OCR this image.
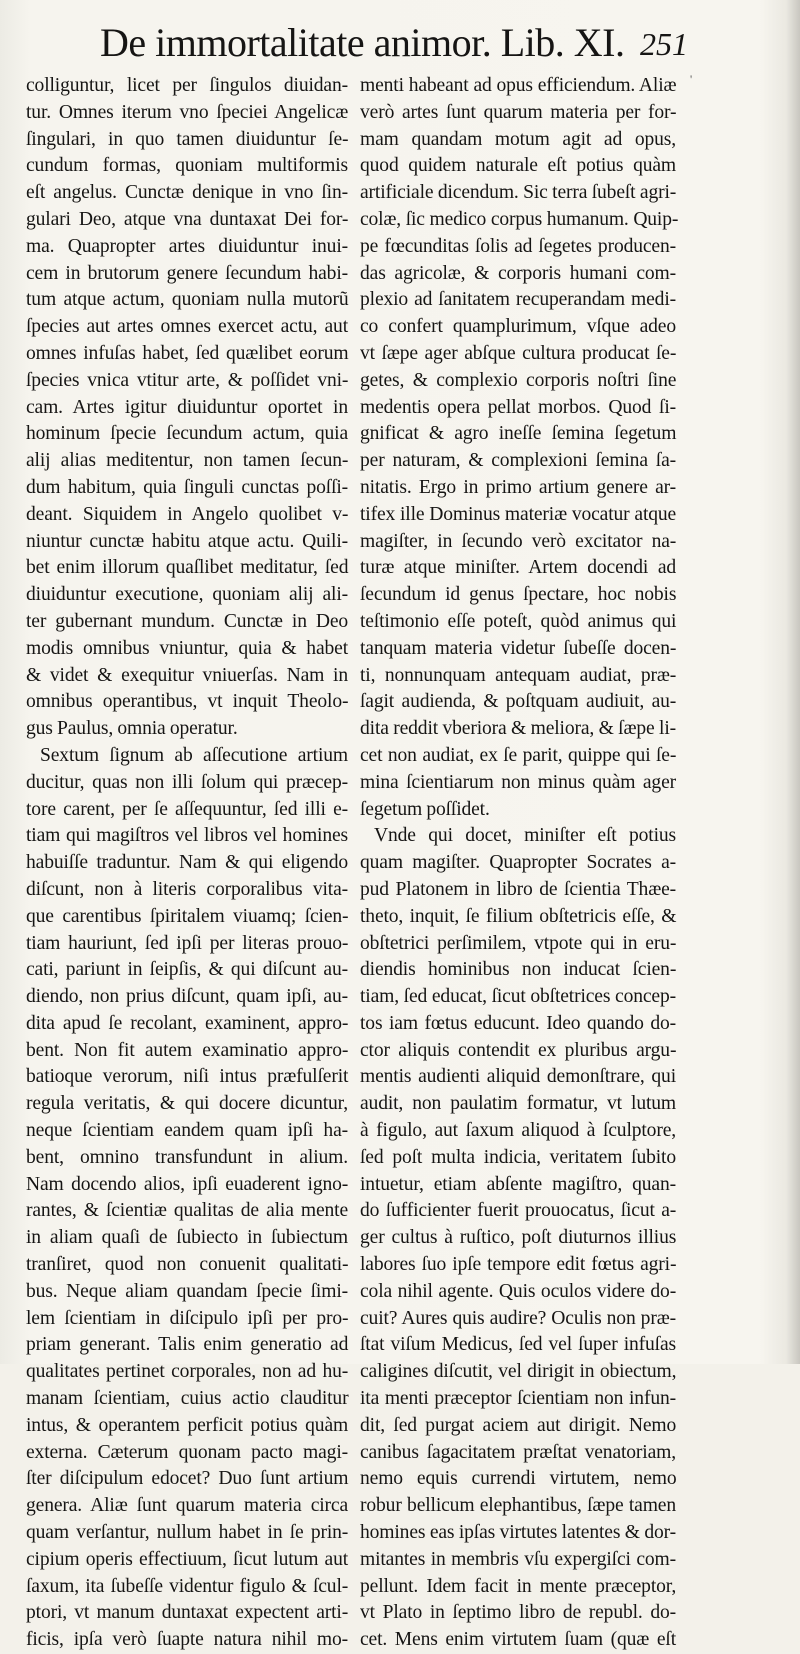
De immortalitate animor. Lib. XI. 251
'
colliguntur, licet per ſingulos diuidan-
tur. Omnes iterum vno ſpeciei Angelicæ
ſingulari, in quo tamen diuiduntur ſe-
cundum formas, quoniam multiformis
eſt angelus. Cunctæ denique in vno ſin-
gulari Deo, atque vna duntaxat Dei for-
ma. Quapropter artes diuiduntur inui-
cem in brutorum genere ſecundum habi-
tum atque actum, quoniam nulla mutorũ
ſpecies aut artes omnes exercet actu, aut
omnes infuſas habet, ſed quælibet eorum
ſpecies vnica vtitur arte, & poſſidet vni-
cam. Artes igitur diuiduntur oportet in
hominum ſpecie ſecundum actum, quia
alij alias meditentur, non tamen ſecun-
dum habitum, quia ſinguli cunctas poſſi-
deant. Siquidem in Angelo quolibet v-
niuntur cunctæ habitu atque actu. Quili-
bet enim illorum quaſlibet meditatur, ſed
diuiduntur executione, quoniam alij ali-
ter gubernant mundum. Cunctæ in Deo
modis omnibus vniuntur, quia & habet
& videt & exequitur vniuerſas. Nam in
omnibus operantibus, vt inquit Theolo-
gus Paulus, omnia operatur.
Sextum ſignum ab aſſecutione artium
ducitur, quas non illi ſolum qui præcep-
tore carent, per ſe aſſequuntur, ſed illi e-
tiam qui magiſtros vel libros vel homines
habuiſſe traduntur. Nam & qui eligendo
diſcunt, non à literis corporalibus vita-
que carentibus ſpiritalem viuamq; ſcien-
tiam hauriunt, ſed ipſi per literas prouo-
cati, pariunt in ſeipſis, & qui diſcunt au-
diendo, non prius diſcunt, quam ipſi, au-
dita apud ſe recolant, examinent, appro-
bent. Non fit autem examinatio appro-
batioque verorum, niſi intus præfulſerit
regula veritatis, & qui docere dicuntur,
neque ſcientiam eandem quam ipſi ha-
bent, omnino transfundunt in alium.
Nam docendo alios, ipſi euaderent igno-
rantes, & ſcientiæ qualitas de alia mente
in aliam quaſi de ſubiecto in ſubiectum
tranſiret, quod non conuenit qualitati-
bus. Neque aliam quandam ſpecie ſimi-
lem ſcientiam in diſcipulo ipſi per pro-
priam generant. Talis enim generatio ad
qualitates pertinet corporales, non ad hu-
manam ſcientiam, cuius actio clauditur
intus, & operantem perficit potius quàm
externa. Cæterum quonam pacto magi-
ſter diſcipulum edocet? Duo ſunt artium
genera. Aliæ ſunt quarum materia circa
quam verſantur, nullum habet in ſe prin-
cipium operis effectiuum, ſicut lutum aut
ſaxum, ita ſubeſſe videntur figulo & ſcul-
ptori, vt manum duntaxat expectent arti-
ficis, ipſa verò ſuapte natura nihil mo-
menti habeant ad opus efficiendum. Aliæ
verò artes ſunt quarum materia per for-
mam quandam motum agit ad opus,
quod quidem naturale eſt potius quàm
artificiale dicendum. Sic terra ſubeſt agri-
colæ, ſic medico corpus humanum. Quip-
pe fœcunditas ſolis ad ſegetes producen-
das agricolæ, & corporis humani com-
plexio ad ſanitatem recuperandam medi-
co confert quamplurimum, vſque adeo
vt ſæpe ager abſque cultura producat ſe-
getes, & complexio corporis noſtri ſine
medentis opera pellat morbos. Quod ſi-
gnificat & agro ineſſe ſemina ſegetum
per naturam, & complexioni ſemina ſa-
nitatis. Ergo in primo artium genere ar-
tifex ille Dominus materiæ vocatur atque
magiſter, in ſecundo verò excitator na-
turæ atque miniſter. Artem docendi ad
ſecundum id genus ſpectare, hoc nobis
teſtimonio eſſe poteſt, quòd animus qui
tanquam materia videtur ſubeſſe docen-
ti, nonnunquam antequam audiat, præ-
ſagit audienda, & poſtquam audiuit, au-
dita reddit vberiora & meliora, & ſæpe li-
cet non audiat, ex ſe parit, quippe qui ſe-
mina ſcientiarum non minus quàm ager
ſegetum poſſidet.
Vnde qui docet, miniſter eſt potius
quam magiſter. Quapropter Socrates a-
pud Platonem in libro de ſcientia Thæe-
theto, inquit, ſe filium obſtetricis eſſe, &
obſtetrici perſimilem, vtpote qui in eru-
diendis hominibus non inducat ſcien-
tiam, ſed educat, ſicut obſtetrices concep-
tos iam fœtus educunt. Ideo quando do-
ctor aliquis contendit ex pluribus argu-
mentis audienti aliquid demonſtrare, qui
audit, non paulatim formatur, vt lutum
à figulo, aut ſaxum aliquod à ſculptore,
ſed poſt multa indicia, veritatem ſubito
intuetur, etiam abſente magiſtro, quan-
do ſufficienter fuerit prouocatus, ſicut a-
ger cultus à ruſtico, poſt diuturnos illius
labores ſuo ipſe tempore edit fœtus agri-
cola nihil agente. Quis oculos videre do-
cuit? Aures quis audire? Oculis non præ-
ſtat viſum Medicus, ſed vel ſuper infuſas
caligines diſcutit, vel dirigit in obiectum,
ita menti præceptor ſcientiam non infun-
dit, ſed purgat aciem aut dirigit. Nemo
canibus ſagacitatem præſtat venatoriam,
nemo equis currendi virtutem, nemo
robur bellicum elephantibus, ſæpe tamen
homines eas ipſas virtutes latentes & dor-
mitantes in membris vſu expergiſci com-
pellunt. Idem facit in mente præceptor,
vt Plato in ſeptimo libro de republ. do-
cet. Mens enim virtutem ſuam (quæ eſt
